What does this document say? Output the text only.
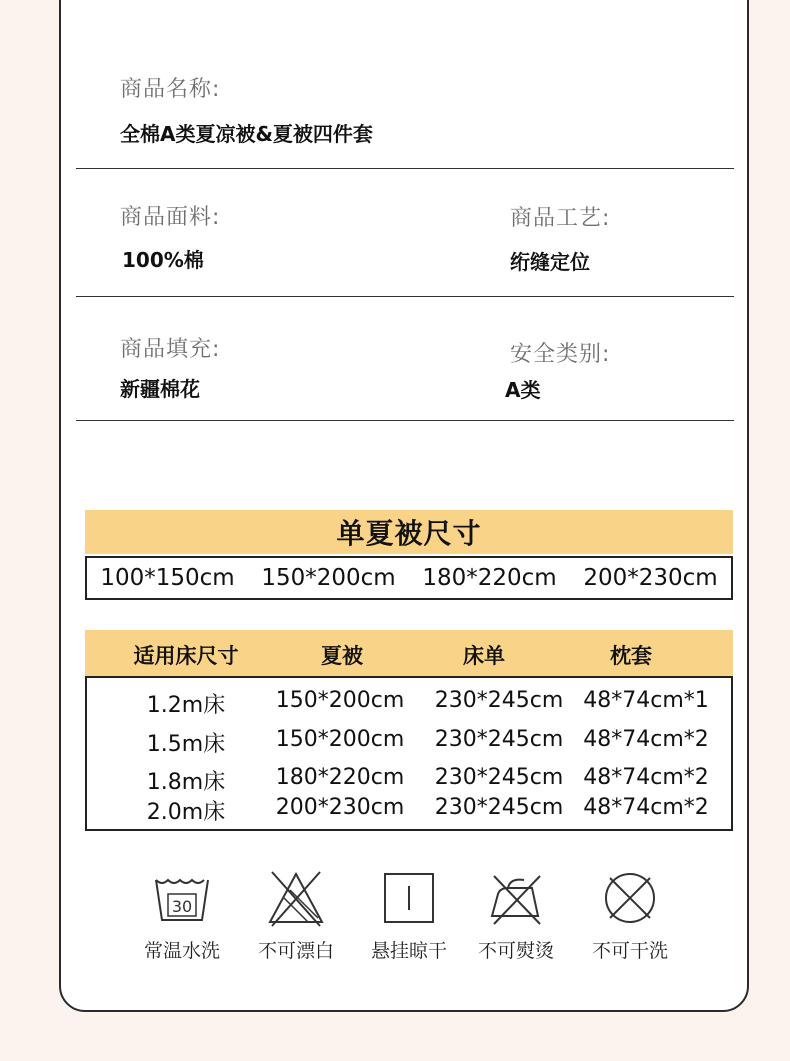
商品名称:
全棉A类夏凉被&夏被四件套
商品面料:
100%棉
商品工艺:
绗缝定位
商品填充:
新疆棉花
安全类别:
A类
单夏被尺寸
100*150cm 150*200cm 180*220cm 200*230cm
适用床尺寸	夏被	床单	枕套
1.2m床 150*200cm 230*245cm 48*74cm*1
1.5m床 150*200cm 230*245cm 48*74cm*2
1.8m床 180*220cm 230*245cm 48*74cm*2
2.0m床 200*230cm 230*245cm 48*74cm*2
30
常温水洗	不可漂白	悬挂晾干	不可熨烫	不可干洗
